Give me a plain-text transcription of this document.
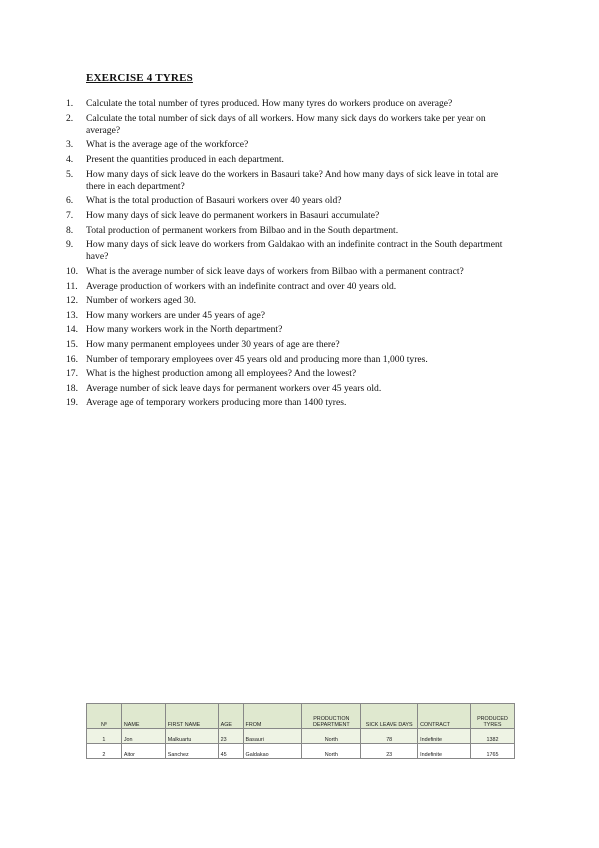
EXERCISE 4 TYRES
1. Calculate the total number of tyres produced. How many tyres do workers produce on average?
2. Calculate the total number of sick days of all workers. How many sick days do workers take per year on average?
3. What is the average age of the workforce?
4. Present the quantities produced in each department.
5. How many days of sick leave do the workers in Basauri take? And how many days of sick leave in total are there in each department?
6. What is the total production of Basauri workers over 40 years old?
7. How many days of sick leave do permanent workers in Basauri accumulate?
8. Total production of permanent workers from Bilbao and in the South department.
9. How many days of sick leave do workers from Galdakao with an indefinite contract in the South department have?
10. What is the average number of sick leave days of workers from Bilbao with a permanent contract?
11. Average production of workers with an indefinite contract and over 40 years old.
12. Number of workers aged 30.
13. How many workers are under 45 years of age?
14. How many workers work in the North department?
15. How many permanent employees under 30 years of age are there?
16. Number of temporary employees over 45 years old and producing more than 1,000 tyres.
17. What is the highest production among all employees? And the lowest?
18. Average number of sick leave days for permanent workers over 45 years old.
19. Average age of temporary workers producing more than 1400 tyres.
Nº	NAME	FIRST NAME	AGE	FROM	PRODUCTION DEPARTMENT	SICK LEAVE DAYS	CONTRACT	PRODUCED TYRES
1	Jon	Malkuartu	23	Basauri	North	78	Indefinite	1382
2	Aitor	Sanchez	45	Galdakao	North	23	Indefinite	1765
